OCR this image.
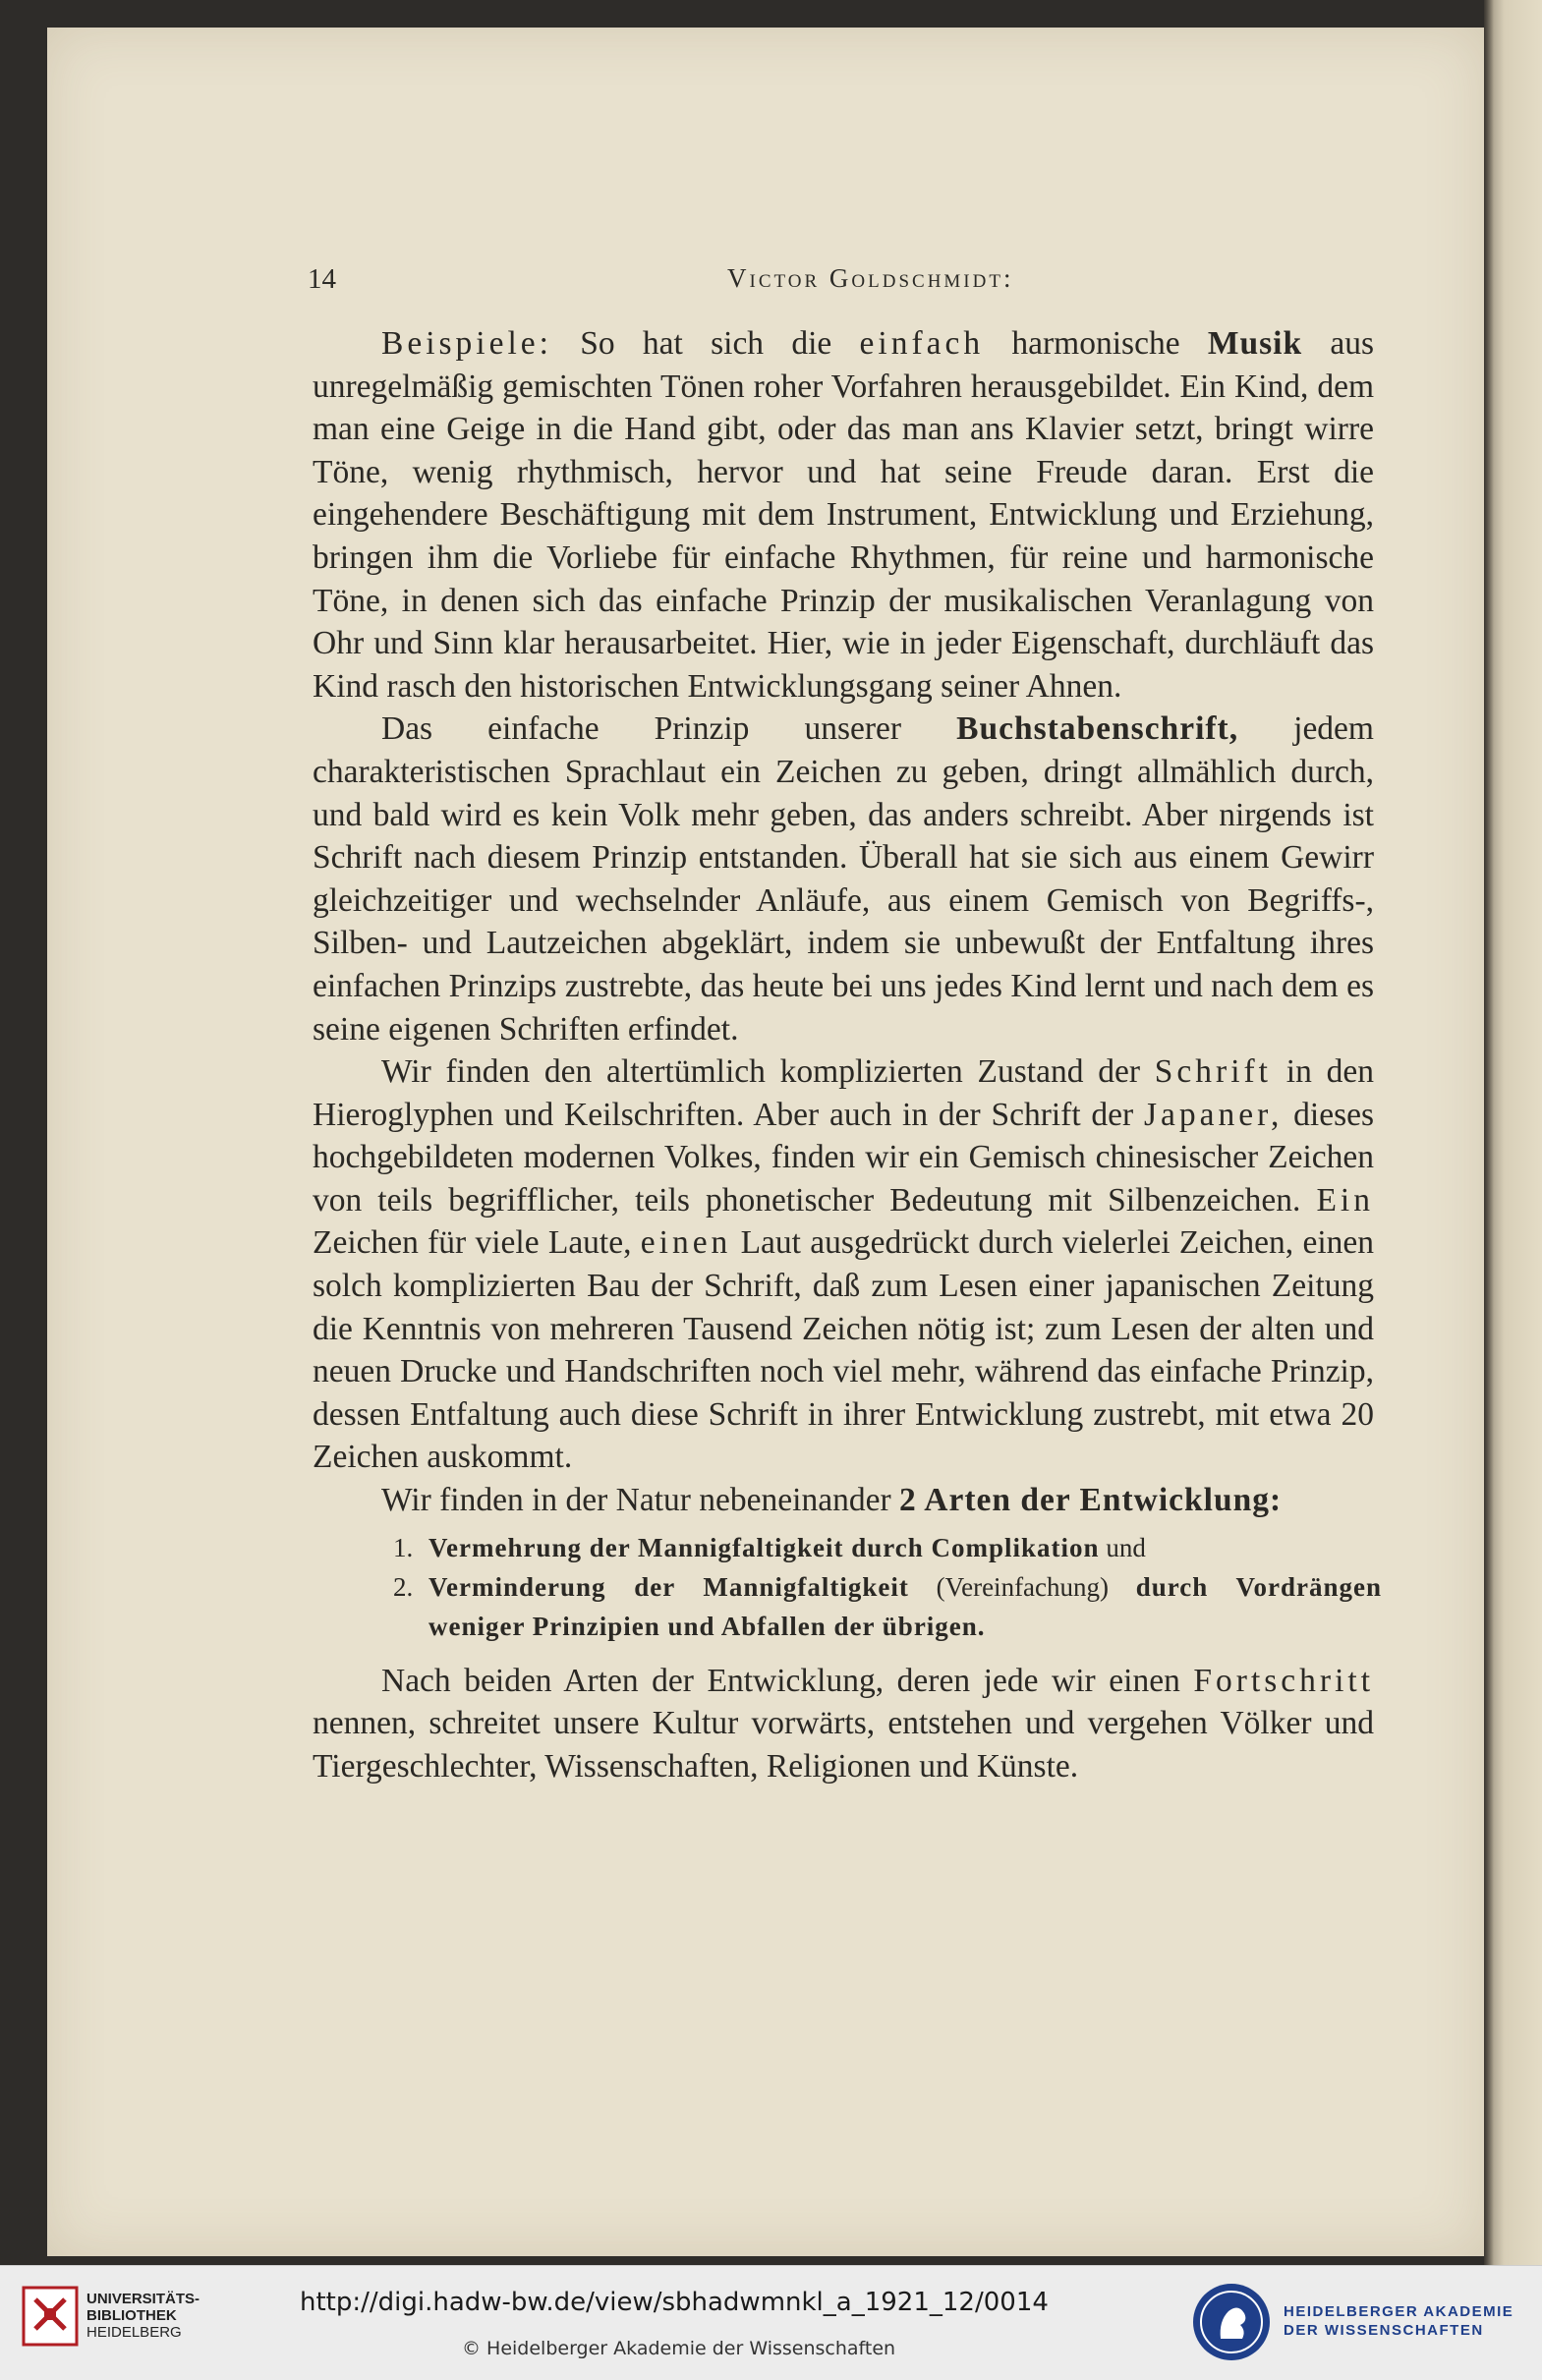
14	Victor Goldschmidt:

Beispiele: So hat sich die einfach harmonische Musik aus unregelmäßig gemischten Tönen roher Vorfahren herausgebildet. Ein Kind, dem man eine Geige in die Hand gibt, oder das man ans Klavier setzt, bringt wirre Töne, wenig rhythmisch, hervor und hat seine Freude daran. Erst die eingehendere Beschäftigung mit dem Instrument, Entwicklung und Erziehung, bringen ihm die Vorliebe für einfache Rhythmen, für reine und harmonische Töne, in denen sich das einfache Prinzip der musikalischen Veranlagung von Ohr und Sinn klar herausarbeitet. Hier, wie in jeder Eigenschaft, durchläuft das Kind rasch den historischen Entwicklungsgang seiner Ahnen.

Das einfache Prinzip unserer Buchstabenschrift, jedem charakteristischen Sprachlaut ein Zeichen zu geben, dringt allmählich durch, und bald wird es kein Volk mehr geben, das anders schreibt. Aber nirgends ist Schrift nach diesem Prinzip entstanden. Überall hat sie sich aus einem Gewirr gleichzeitiger und wechselnder Anläufe, aus einem Gemisch von Begriffs-, Silben- und Lautzeichen abgeklärt, indem sie unbewußt der Entfaltung ihres einfachen Prinzips zustrebte, das heute bei uns jedes Kind lernt und nach dem es seine eigenen Schriften erfindet.

Wir finden den altertümlich komplizierten Zustand der Schrift in den Hieroglyphen und Keilschriften. Aber auch in der Schrift der Japaner, dieses hochgebildeten modernen Volkes, finden wir ein Gemisch chinesischer Zeichen von teils begrifflicher, teils phonetischer Bedeutung mit Silbenzeichen. Ein Zeichen für viele Laute, einen Laut ausgedrückt durch vielerlei Zeichen, einen solch komplizierten Bau der Schrift, daß zum Lesen einer japanischen Zeitung die Kenntnis von mehreren Tausend Zeichen nötig ist; zum Lesen der alten und neuen Drucke und Handschriften noch viel mehr, während das einfache Prinzip, dessen Entfaltung auch diese Schrift in ihrer Entwicklung zustrebt, mit etwa 20 Zeichen auskommt.

Wir finden in der Natur nebeneinander 2 Arten der Entwicklung:

1. Vermehrung der Mannigfaltigkeit durch Complikation und
2. Verminderung der Mannigfaltigkeit (Vereinfachung) durch Vordrängen weniger Prinzipien und Abfallen der übrigen.

Nach beiden Arten der Entwicklung, deren jede wir einen Fortschritt nennen, schreitet unsere Kultur vorwärts, entstehen und vergehen Völker und Tiergeschlechter, Wissenschaften, Religionen und Künste.

UNIVERSITÄTS-
BIBLIOTHEK
HEIDELBERG
http://digi.hadw-bw.de/view/sbhadwmnkl_a_1921_12/0014
© Heidelberger Akademie der Wissenschaften
HEIDELBERGER AKADEMIE
DER WISSENSCHAFTEN
